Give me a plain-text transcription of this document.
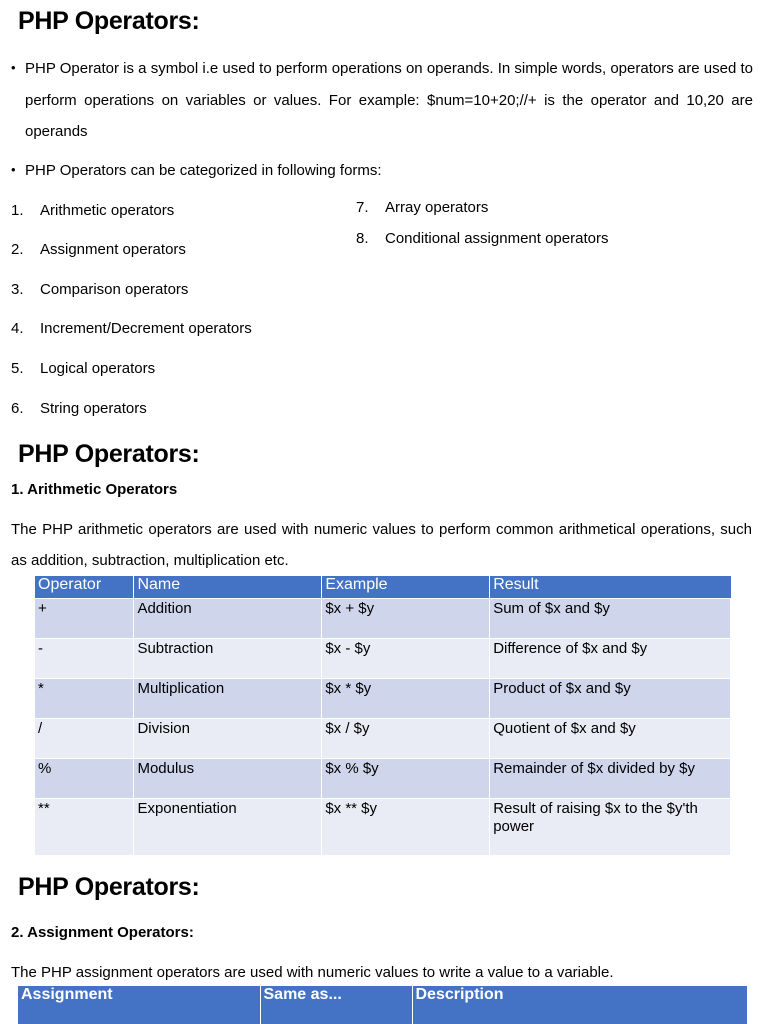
PHP Operators:
• PHP Operator is a symbol i.e used to perform operations on operands. In simple words, operators are used to perform operations on variables or values. For example: $num=10+20;//+ is the operator and 10,20 are operands
• PHP Operators can be categorized in following forms:
1. Arithmetic operators
2. Assignment operators
3. Comparison operators
4. Increment/Decrement operators
5. Logical operators
6. String operators
7. Array operators
8. Conditional assignment operators
PHP Operators:
1. Arithmetic Operators
The PHP arithmetic operators are used with numeric values to perform common arithmetical operations, such as addition, subtraction, multiplication etc.
Operator	Name	Example	Result
+	Addition	$x + $y	Sum of $x and $y
-	Subtraction	$x - $y	Difference of $x and $y
*	Multiplication	$x * $y	Product of $x and $y
/	Division	$x / $y	Quotient of $x and $y
%	Modulus	$x % $y	Remainder of $x divided by $y
**	Exponentiation	$x ** $y	Result of raising $x to the $y'th power
PHP Operators:
2. Assignment Operators:
The PHP assignment operators are used with numeric values to write a value to a variable.
Assignment	Same as...	Description
